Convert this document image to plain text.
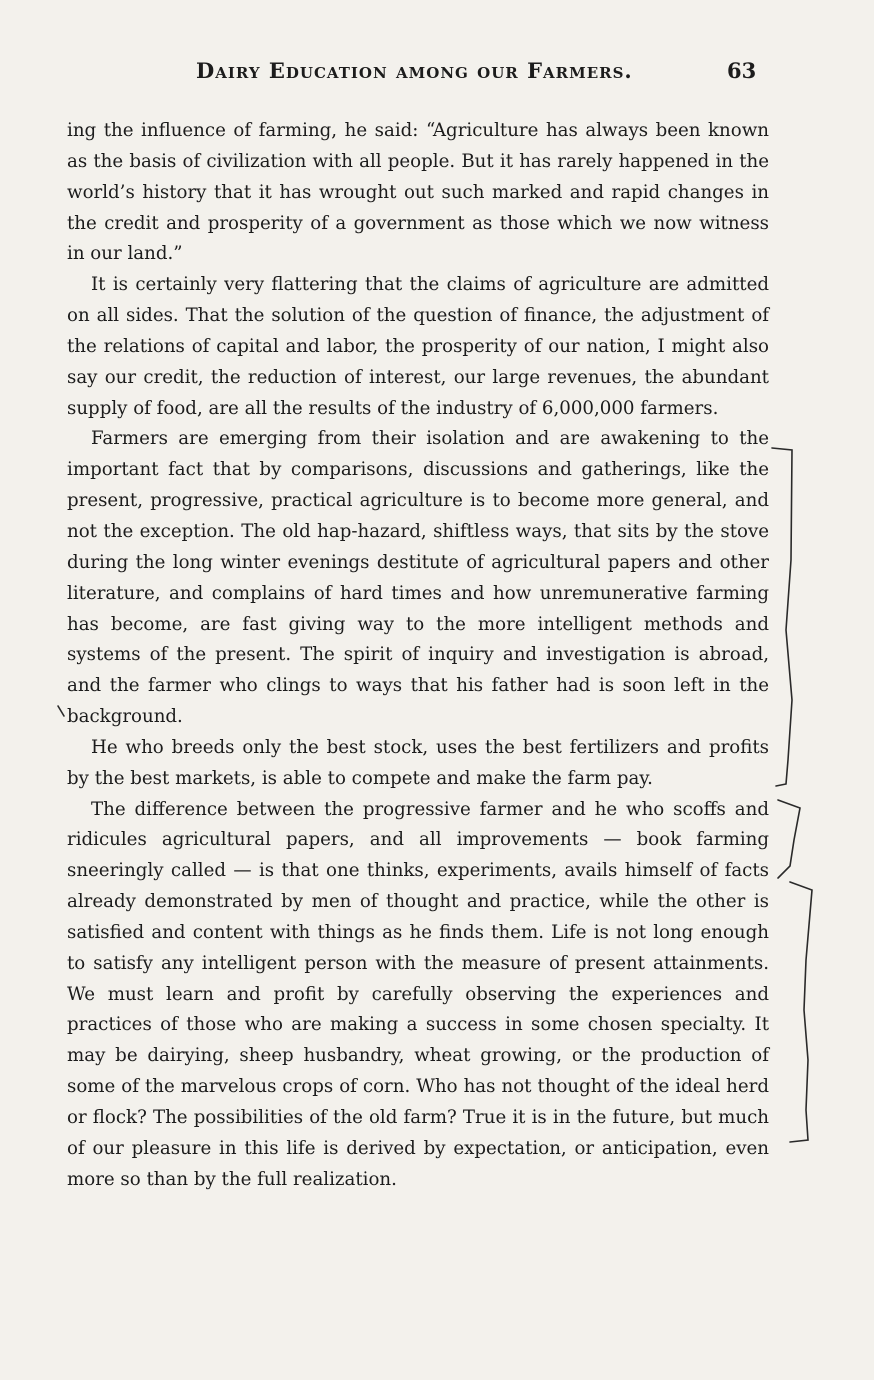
Dairy Education among our Farmers.	63

ing the influence of farming, he said: “Agriculture has always been known as the basis of civilization with all people. But it has rarely happened in the world’s history that it has wrought out such marked and rapid changes in the credit and prosperity of a government as those which we now witness in our land.”

It is certainly very flattering that the claims of agriculture are admitted on all sides. That the solution of the question of finance, the adjustment of the relations of capital and labor, the prosperity of our nation, I might also say our credit, the reduction of interest, our large revenues, the abundant supply of food, are all the results of the industry of 6,000,000 farmers.

Farmers are emerging from their isolation and are awakening to the important fact that by comparisons, discussions and gatherings, like the present, progressive, practical agriculture is to become more general, and not the exception. The old hap-hazard, shiftless ways, that sits by the stove during the long winter evenings destitute of agricultural papers and other literature, and complains of hard times and how unremunerative farming has become, are fast giving way to the more intelligent methods and systems of the present. The spirit of inquiry and investigation is abroad, and the farmer who clings to ways that his father had is soon left in the background.

He who breeds only the best stock, uses the best fertilizers and profits by the best markets, is able to compete and make the farm pay.

The difference between the progressive farmer and he who scoffs and ridicules agricultural papers, and all improvements — book farming sneeringly called — is that one thinks, experiments, avails himself of facts already demonstrated by men of thought and practice, while the other is satisfied and content with things as he finds them. Life is not long enough to satisfy any intelligent person with the measure of present attainments. We must learn and profit by carefully observing the experiences and practices of those who are making a success in some chosen specialty. It may be dairying, sheep husbandry, wheat growing, or the production of some of the marvelous crops of corn. Who has not thought of the ideal herd or flock? The possibilities of the old farm? True it is in the future, but much of our pleasure in this life is derived by expectation, or anticipation, even more so than by the full realization.
